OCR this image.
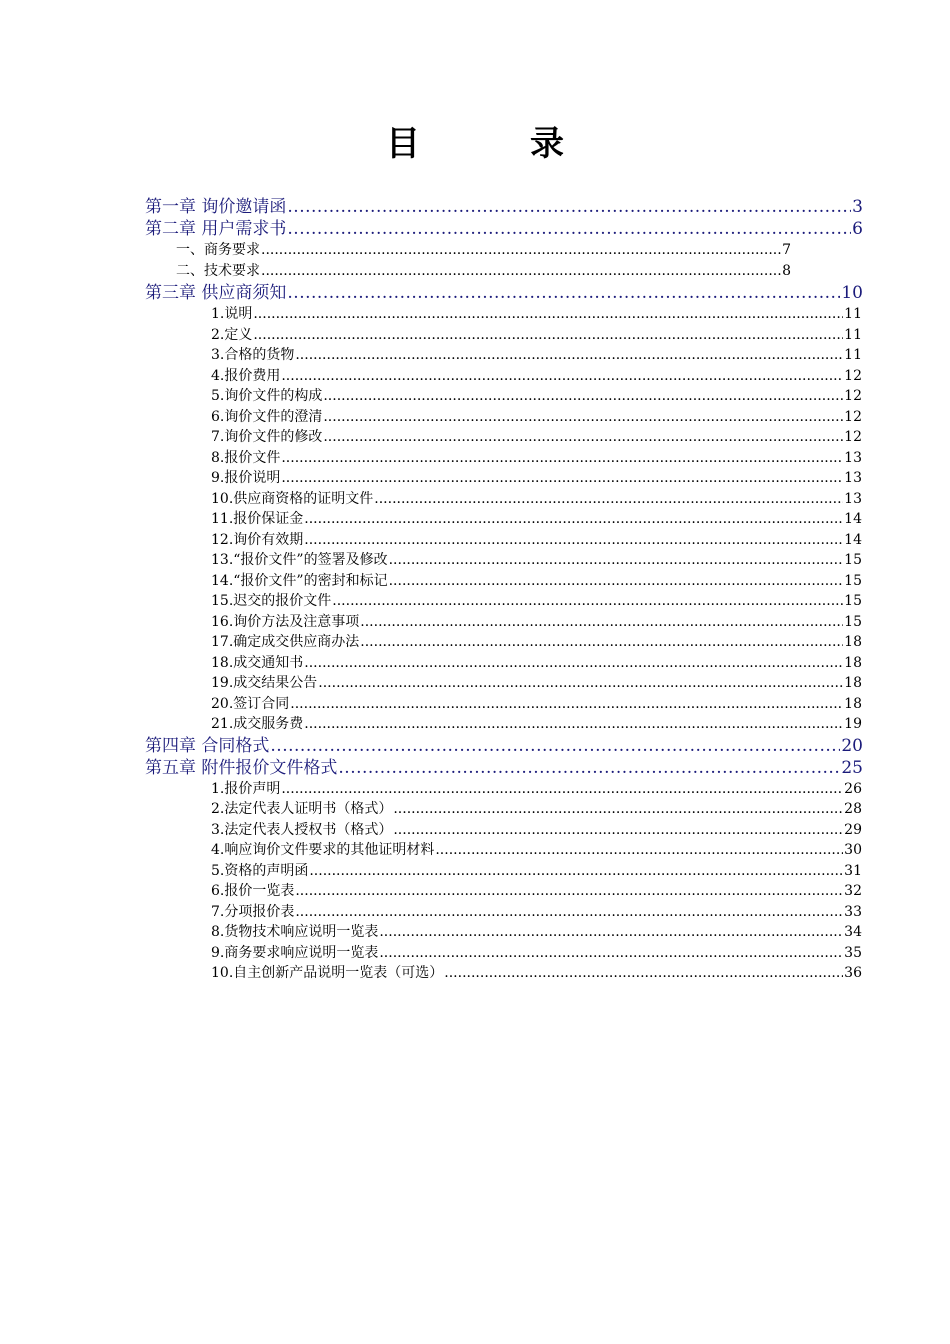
目　录
第一章 询价邀请函 .....	3
第二章 用户需求书 .....	6
一、商务要求 .....	7
二、技术要求 .....	8
第三章 供应商须知 .....	10
1.说明 .....	11
2.定义 .....	11
3.合格的货物 .....	11
4.报价费用 .....	12
5.询价文件的构成 .....	12
6.询价文件的澄清 .....	12
7.询价文件的修改 .....	12
8.报价文件 .....	13
9.报价说明 .....	13
10.供应商资格的证明文件 .....	13
11.报价保证金 .....	14
12.询价有效期 .....	14
13.“报价文件”的签署及修改 .....	15
14.“报价文件”的密封和标记 .....	15
15.迟交的报价文件 .....	15
16.询价方法及注意事项 .....	15
17.确定成交供应商办法 .....	18
18.成交通知书 .....	18
19.成交结果公告 .....	18
20.签订合同 .....	18
21.成交服务费 .....	19
第四章 合同格式 .....	20
第五章 附件报价文件格式 .....	25
1.报价声明 .....	26
2.法定代表人证明书（格式） .....	28
3.法定代表人授权书（格式） .....	29
4.响应询价文件要求的其他证明材料 .....	30
5.资格的声明函 .....	31
6.报价一览表 .....	32
7.分项报价表 .....	33
8.货物技术响应说明一览表 .....	34
9.商务要求响应说明一览表 .....	35
10.自主创新产品说明一览表（可选） .....	36
